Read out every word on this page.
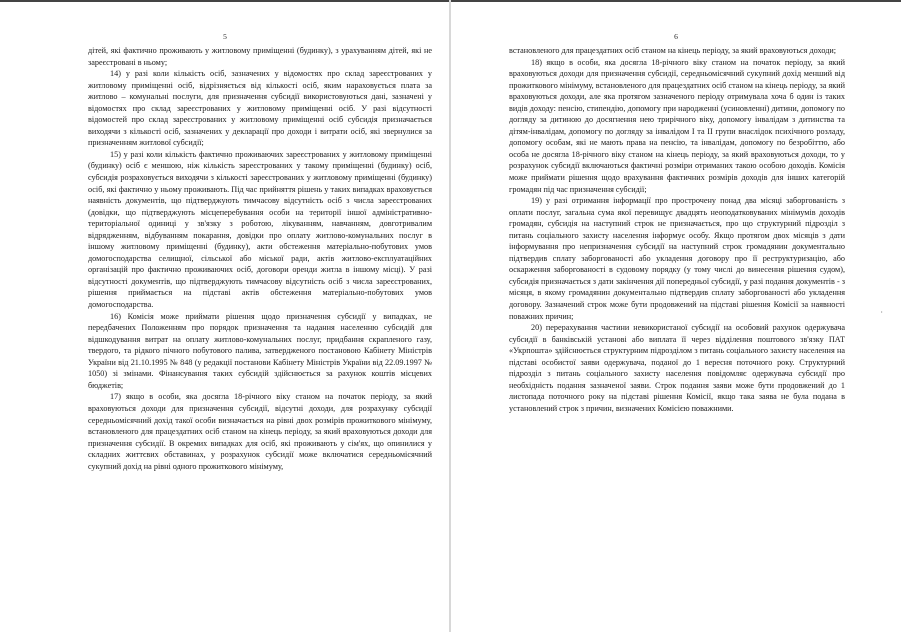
5

дітей, які фактично проживають у житловому приміщенні (будинку), з урахуванням дітей, які не зареєстровані в ньому;

14) у разі коли кількість осіб, зазначених у відомостях про склад зареєстрованих у житловому приміщенні осіб, відрізняється від кількості осіб, яким нараховується плата за житлово – комунальні послуги, для призначення субсидії використовуються дані, зазначені у відомостях про склад зареєстрованих у житловому приміщенні осіб. У разі відсутності відомостей про склад зареєстрованих у житловому приміщенні осіб субсидія призначається виходячи з кількості осіб, зазначених у декларації про доходи і витрати осіб, які звернулися за призначенням житлової субсидії;

15) у разі коли кількість фактично проживаючих зареєстрованих у житловому приміщенні (будинку) осіб є меншою, ніж кількість зареєстрованих у такому приміщенні (будинку) осіб, субсидія розраховується виходячи з кількості зареєстрованих у житловому приміщенні (будинку) осіб, які фактично у ньому проживають. Під час прийняття рішень у таких випадках враховується наявність документів, що підтверджують тимчасову відсутність осіб з числа зареєстрованих (довідки, що підтверджують місцеперебування особи на території іншої адміністративно-територіальної одиниці у зв'язку з роботою, лікуванням, навчанням, довготривалим відрядженням, відбуванням покарання, довідки про оплату житлово-комунальних послуг в іншому житловому приміщенні (будинку), акти обстеження матеріально-побутових умов домогосподарства селищної, сільської або міської ради, актів житлово-експлуатаційних організацій про фактично проживаючих осіб, договори оренди житла в іншому місці). У разі відсутності документів, що підтверджують тимчасову відсутність осіб з числа зареєстрованих, рішення приймається на підставі актів обстеження матеріально-побутових умов домогосподарства.

16) Комісія може приймати рішення щодо призначення субсидії у випадках, не передбачених Положенням про порядок призначення та надання населенню субсидій для відшкодування витрат на оплату житлово-комунальних послуг, придбання скрапленого газу, твердого, та рідкого пічного побутового палива, затвердженого постановою Кабінету Міністрів України від 21.10.1995 № 848 (у редакції постанови Кабінету Міністрів України від 22.09.1997 № 1050) зі змінами. Фінансування таких субсидій здійснюється за рахунок коштів місцевих бюджетів;

17) якщо в особи, яка досягла 18-річного віку станом на початок періоду, за який враховуються доходи для призначення субсидії, відсутні доходи, для розрахунку субсидії середньомісячний дохід такої особи визначається на рівні двох розмірів прожиткового мінімуму, встановленого для працездатних осіб станом на кінець періоду, за який враховуються доходи для призначення субсидії. В окремих випадках для осіб, які проживають у сім'ях, що опинилися у складних життєвих обставинах, у розрахунок субсидії може включатися середньомісячний сукупний дохід на рівні одного прожиткового мінімуму,

6

встановленого для працездатних осіб станом на кінець періоду, за який враховуються доходи;

18) якщо в особи, яка досягла 18-річного віку станом на початок періоду, за який враховуються доходи для призначення субсидії, середньомісячний сукупний дохід менший від прожиткового мінімуму, встановленого для працездатних осіб станом на кінець періоду, за який враховуються доходи, але яка протягом зазначеного періоду отримувала хоча б один із таких видів доходу: пенсію, стипендію, допомогу при народженні (усиновленні) дитини, допомогу по догляду за дитиною до досягнення нею трирічного віку, допомогу інвалідам з дитинства та дітям-інвалідам, допомогу по догляду за інвалідом I та II групи внаслідок психічного розладу, допомогу особам, які не мають права на пенсію, та інвалідам, допомогу по безробіттю, або особа не досягла 18-річного віку станом на кінець періоду, за який враховуються доходи, то у розрахунок субсидії включаються фактичні розміри отриманих такою особою доходів. Комісія може приймати рішення щодо врахування фактичних розмірів доходів для інших категорій громадян під час призначення субсидії;

19) у разі отримання інформації про прострочену понад два місяці заборгованість з оплати послуг, загальна сума якої перевищує двадцять неоподатковуваних мінімумів доходів громадян, субсидія на наступний строк не призначається, про що структурний підрозділ з питань соціального захисту населення інформує особу. Якщо протягом двох місяців з дати інформування про непризначення субсидії на наступний строк громадянин документально підтвердив сплату заборгованості або укладення договору про її реструктуризацію, або оскарження заборгованості в судовому порядку (у тому числі до винесення рішення судом), субсидія призначається з дати закінчення дії попередньої субсидії, у разі подання документів - з місяця, в якому громадянин документально підтвердив сплату заборгованості або укладення договору. Зазначений строк може бути продовжений на підставі рішення Комісії за наявності поважних причин;

20) перерахування частини невикористаної субсидії на особовий рахунок одержувача субсидії в банківській установі або виплата її через відділення поштового зв'язку ПАТ «Укрпошта» здійснюється структурним підрозділом з питань соціального захисту населення на підставі особистої заяви одержувача, поданої до 1 вересня поточного року. Структурний підрозділ з питань соціального захисту населення повідомляє одержувача субсидії про необхідність подання зазначеної заяви. Строк подання заяви може бути продовжений до 1 листопада поточного року на підставі рішення Комісії, якщо така заява не була подана в установлений строк з причин, визначених Комісією поважними.

·
